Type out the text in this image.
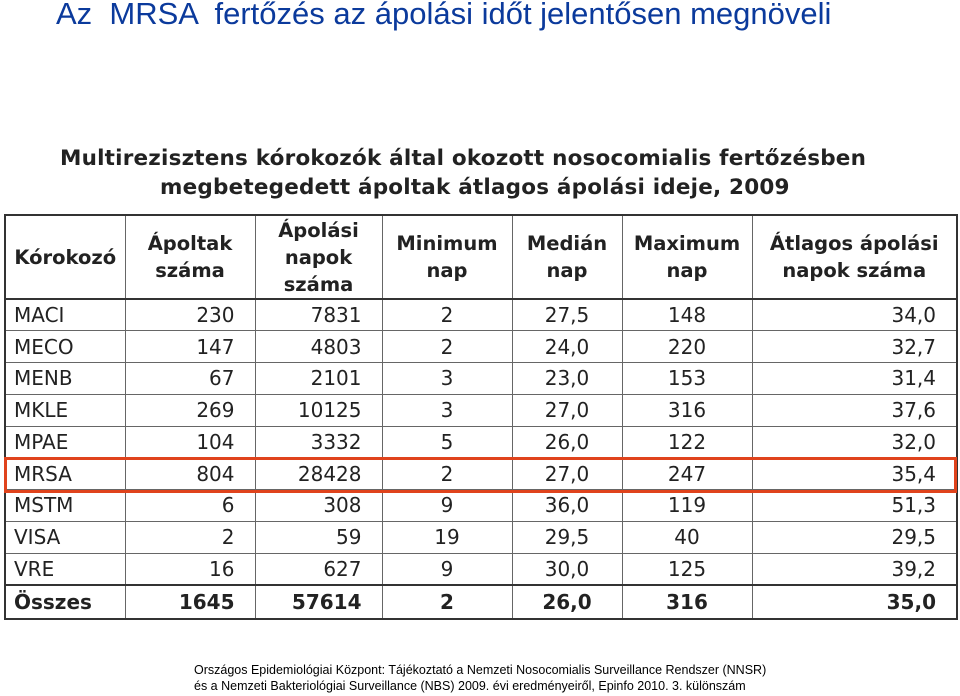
Az  MRSA  fertőzés az ápolási időt jelentősen megnöveli
Multirezisztens kórokozók által okozott nosocomialis fertőzésben
megbetegedett ápoltak átlagos ápolási ideje, 2009
Kórokozó	Ápoltak száma	Ápolási napok száma	Minimum nap	Medián nap	Maximum nap	Átlagos ápolási napok száma
MACI	230	7831	2	27,5	148	34,0
MECO	147	4803	2	24,0	220	32,7
MENB	67	2101	3	23,0	153	31,4
MKLE	269	10125	3	27,0	316	37,6
MPAE	104	3332	5	26,0	122	32,0
MRSA	804	28428	2	27,0	247	35,4
MSTM	6	308	9	36,0	119	51,3
VISA	2	59	19	29,5	40	29,5
VRE	16	627	9	30,0	125	39,2
Összes	1645	57614	2	26,0	316	35,0

Országos Epidemiológiai Központ: Tájékoztató a Nemzeti Nosocomialis Surveillance Rendszer (NNSR)
és a Nemzeti Bakteriológiai Surveillance (NBS) 2009. évi eredményeiről, Epinfo 2010. 3. különszám
